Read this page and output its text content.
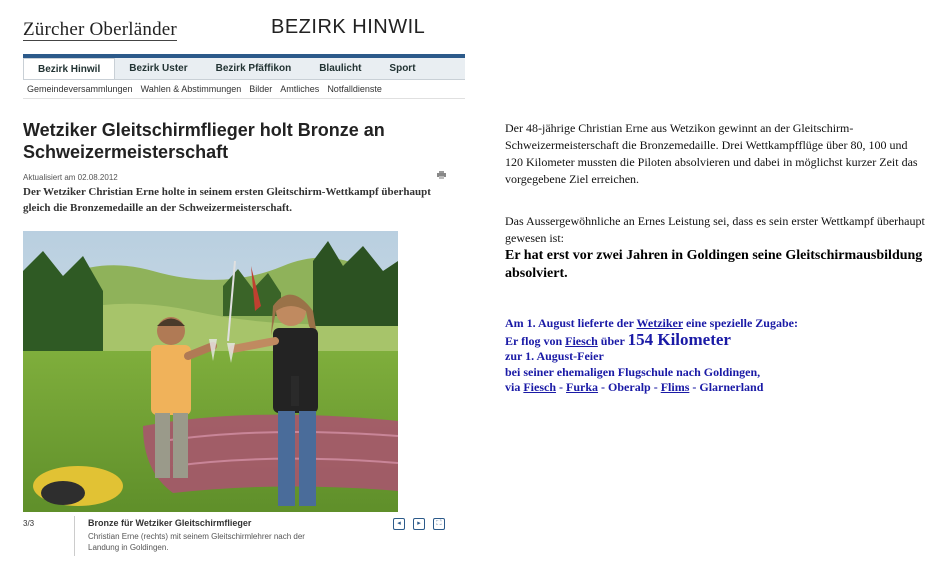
Zürcher Oberländer	BEZIRK HINWIL
Bezirk Hinwil	Bezirk Uster	Bezirk Pfäffikon	Blaulicht	Sport
Gemeindeversammlungen Wahlen & Abstimmungen Bilder Amtliches Notfalldienste
Wetziker Gleitschirmflieger holt Bronze an Schweizermeisterschaft
Aktualisiert am 02.08.2012
Der Wetziker Christian Erne holte in seinem ersten Gleitschirm-Wettkampf überhaupt gleich die Bronzemedaille an der Schweizermeisterschaft.
3/3	Bronze für Wetziker Gleitschirmflieger
Christian Erne (rechts) mit seinem Gleitschirmlehrer nach der Landung in Goldingen.
◂	▸	⛶
Der 48-jährige Christian Erne aus Wetzikon gewinnt an der Gleitschirm-Schweizermeisterschaft die Bronzemedaille. Drei Wettkampfflüge über 80, 100 und 120 Kilometer mussten die Piloten absolvieren und dabei in möglichst kurzer Zeit das vorgegebene Ziel erreichen.
Das Aussergewöhnliche an Ernes Leistung sei, dass es sein erster Wettkampf überhaupt gewesen ist:
Er hat erst vor zwei Jahren in Goldingen seine Gleitschirmausbildung absolviert.
Am 1. August lieferte der Wetziker eine spezielle Zugabe:
Er flog von Fiesch über 154 Kilometer
zur 1. August-Feier
bei seiner ehemaligen Flugschule nach Goldingen,
via Fiesch - Furka - Oberalp - Flims - Glarnerland
